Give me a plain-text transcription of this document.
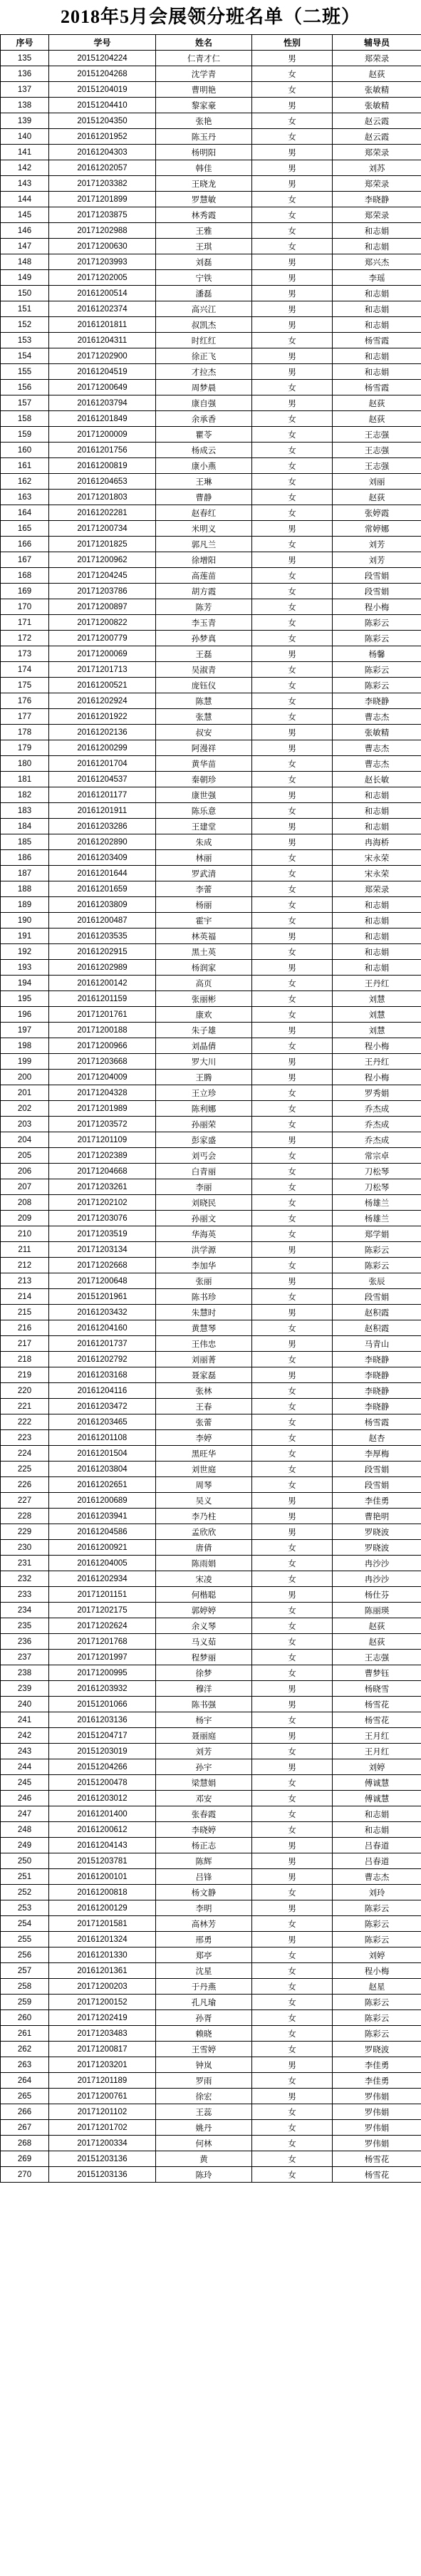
2018年5月会展领分班名单（二班）
序号	学号	姓名	性别	辅导员
135	20151204224	仁青才仁	男	郑荣录
136	20151204268	沈学青	女	赵荻
137	20151204019	曹明艳	女	张敏精
138	20151204410	黎家豪	男	张敏精
139	20151204350	张艳	女	赵云霞
140	20161201952	陈玉丹	女	赵云霞
141	20161204303	杨明阳	男	郑荣录
142	20161202057	韩佳	男	刘苏
143	20171203382	王晓龙	男	郑荣录
144	20171201899	罗慧敏	女	李晓静
145	20171203875	林秀霞	女	郑荣录
146	20171202988	王雅	女	和志娟
147	20171200630	王琪	女	和志娟
148	20171203993	刘磊	男	郑兴杰
149	20171202005	宁铁	男	李瑶
150	20161200514	潘磊	男	和志娟
151	20161202374	高兴江	男	和志娟
152	20161201811	叔凯杰	男	和志娟
153	20161204311	时红红	女	杨雪霞
154	20171202900	徐正飞	男	和志娟
155	20161204519	才拉杰	男	和志娟
156	20171200649	周梦晨	女	杨雪霞
157	20161203794	康自强	男	赵荻
158	20161201849	余承香	女	赵荻
159	20171200009	瞿苓	女	王志强
160	20161201756	杨成云	女	王志强
161	20161200819	康小燕	女	王志强
162	20161204653	王琳	女	刘丽
163	20171201803	曹静	女	赵荻
164	20161202281	赵春红	女	张婷霞
165	20171200734	米明义	男	常婷娜
166	20171201825	郭凡兰	女	刘芳
167	20171200962	徐增阳	男	刘芳
168	20171204245	高莲苗	女	段雪娟
169	20171203786	胡方霞	女	段雪娟
170	20171200897	陈芳	女	程小梅
171	20171200822	李玉青	女	陈彩云
172	20171200779	孙梦真	女	陈彩云
173	20171200069	王磊	男	杨馨
174	20171201713	吴淑青	女	陈彩云
175	20161200521	庞钰仪	女	陈彩云
176	20161202924	陈慧	女	李晓静
177	20161201922	张慧	女	曹志杰
178	20161202136	叔安	男	张敏精
179	20161200299	阿漫祥	男	曹志杰
180	20161201704	黄华苗	女	曹志杰
181	20161204537	秦朝珍	女	赵长敏
182	20161201177	康世强	男	和志娟
183	20161201911	陈乐意	女	和志娟
184	20161203286	王建堂	男	和志娟
185	20161202890	朱成	男	冉海桥
186	20161203409	林丽	女	宋永荣
187	20161201644	罗武清	女	宋永荣
188	20161201659	李蕾	女	郑荣录
189	20161203809	杨丽	女	和志娟
190	20161200487	霍宇	女	和志娟
191	20161203535	林英福	男	和志娟
192	20161202915	黑土英	女	和志娟
193	20161202989	杨润家	男	和志娟
194	20161200142	高页	女	王丹红
195	20161201159	张丽彬	女	刘慧
196	20171201761	康欢	女	刘慧
197	20171200188	朱子雄	男	刘慧
198	20171200966	刘晶倩	女	程小梅
199	20171203668	罗大川	男	王丹红
200	20171204009	王腾	男	程小梅
201	20171204328	王立珍	女	罗秀娟
202	20171201989	陈利娜	女	乔杰成
203	20171203572	孙丽荣	女	乔杰成
204	20171201109	彭家盛	男	乔杰成
205	20171202389	刘丐会	女	常宗卓
206	20171204668	白青丽	女	刀松琴
207	20171203261	李丽	女	刀松琴
208	20171202102	刘晓民	女	杨雄兰
209	20171203076	孙丽文	女	杨雄兰
210	20171203519	华海英	女	郑学娟
211	20171203134	洪学源	男	陈彩云
212	20171202668	李加华	女	陈彩云
213	20171200648	张丽	男	张辰
214	20151201961	陈书珍	女	段雪娟
215	20161203432	朱慧时	男	赵积霞
216	20161204160	黄慧琴	女	赵积霞
217	20161201737	王伟忠	男	马青山
218	20161202792	刘丽菁	女	李晓静
219	20161203168	聂家磊	男	李晓静
220	20161204116	张林	女	李晓静
221	20161203472	王春	女	李晓静
222	20161203465	张蕾	女	杨雪霞
223	20161201108	李婷	女	赵杏
224	20161201504	黑旺华	女	李厚梅
225	20161203804	刘世庭	女	段雪娟
226	20161202651	周琴	女	段雪娟
227	20161200689	吴义	男	李佳勇
228	20161203941	李乃柱	男	曹艳明
229	20161204586	孟欣欣	男	罗晓波
230	20161200921	唐倩	女	罗晓波
231	20161204005	陈雨娟	女	冉沙沙
232	20161202934	宋凌	女	冉沙沙
233	20171201151	何楷聪	男	杨仕芬
234	20171202175	郭婷婷	女	陈丽瑛
235	20171202624	余义琴	女	赵荻
236	20171201768	马义茹	女	赵荻
237	20171201997	程梦丽	女	王志强
238	20171200995	徐梦	女	曹梦钰
239	20161203932	穆洋	男	杨晓雪
240	20151201066	陈书强	男	杨雪花
241	20161203136	杨宇	女	杨雪花
242	20151204717	聂丽庭	男	王月红
243	20151203019	刘芳	女	王月红
244	20151204266	孙宇	男	刘婷
245	20151200478	梁慧娟	女	傅诚慧
246	20161203012	邓安	女	傅诚慧
247	20161201400	张春霞	女	和志娟
248	20161200612	李晓婷	女	和志娟
249	20161204143	杨正志	男	吕春道
250	20151203781	陈辉	男	吕春道
251	20161200101	吕锋	男	曹志杰
252	20161200818	杨文静	女	刘玲
253	20161200129	李明	男	陈彩云
254	20171201581	高林芳	女	陈彩云
255	20161201324	邢勇	男	陈彩云
256	20161201330	郑亭	女	刘婷
257	20161201361	沈星	女	程小梅
258	20171200203	于丹燕	女	赵星
259	20171200152	孔凡瑜	女	陈彩云
260	20171202419	孙胥	女	陈彩云
261	20171203483	赖晓	女	陈彩云
262	20171200817	王雪婷	女	罗晓波
263	20171203201	钟岚	男	李佳勇
264	20171201189	罗雨	女	李佳勇
265	20171200761	徐宏	男	罗伟娟
266	20171201102	王蕊	女	罗伟娟
267	20171201702	姚丹	女	罗伟娟
268	20171200334	何林	女	罗伟娟
269	20151203136	黄	女	杨雪花
270	20151203136	陈玲	女	杨雪花
